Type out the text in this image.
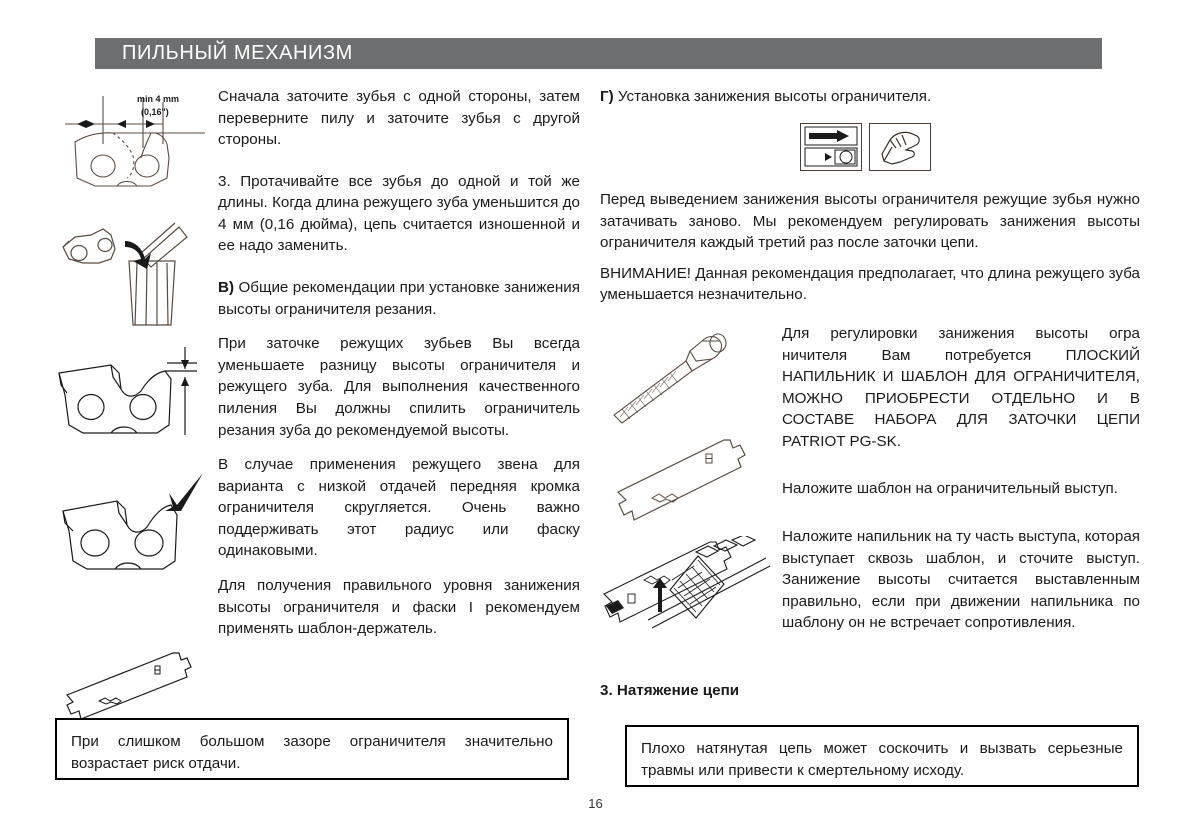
ПИЛЬНЫЙ МЕХАНИЗМ
min 4 mm
(0,16")

Сначала заточите зубья с одной стороны, затем переверните пилу и заточите зубья с другой стороны.

3. Протачивайте все зубья до одной и той же длины. Когда длина режущего зуба уменьшится до 4 мм (0,16 дюйма), цепь считается изношенной и ее надо заменить.

В) Общие рекомендации при установке занижения высоты ограничителя резания.

При заточке режущих зубьев Вы всегда уменьшаете разницу высоты ограничителя и режущего зуба. Для выполнения качественного пиления Вы должны спилить ограничитель резания зуба до рекомендуемой высоты.

В случае применения режущего звена для варианта с низкой отдачей передняя кромка ограничителя скругляется. Очень важно поддерживать этот радиус или фаску одинаковыми.

Для получения правильного уровня занижения высоты ограничителя и фаски I рекомендуем применять шаблон-держатель.

Г) Установка занижения высоты ограничителя.

Перед выведением занижения высоты ограничителя режущие зубья нужно затачивать заново. Мы рекомендуем регулировать занижения высоты ограничителя каждый третий раз после заточки цепи.

ВНИМАНИЕ! Данная рекомендация предполагает, что длина режущего зуба уменьшается незначительно.

Для регулировки занижения высоты огра ничителя Вам потребуется ПЛОСКИЙ НАПИЛЬНИК И ШАБЛОН ДЛЯ ОГРАНИЧИТЕЛЯ, МОЖНО ПРИОБРЕСТИ ОТДЕЛЬНО И В СОСТАВЕ НАБОРА ДЛЯ ЗАТОЧКИ ЦЕПИ PATRIOT PG-SK.

Наложите шаблон на ограничительный выступ.

Наложите напильник на ту часть выступа, которая выступает сквозь шаблон, и сточите выступ. Занижение высоты считается выставленным правильно, если при движении напильника по шаблону он не встречает сопротивления.

3. Натяжение цепи

При слишком большом зазоре ограничителя значительно возрастает риск отдачи.

Плохо натянутая цепь может соскочить и вызвать серьезные травмы или привести к смертельному исходу.

16
